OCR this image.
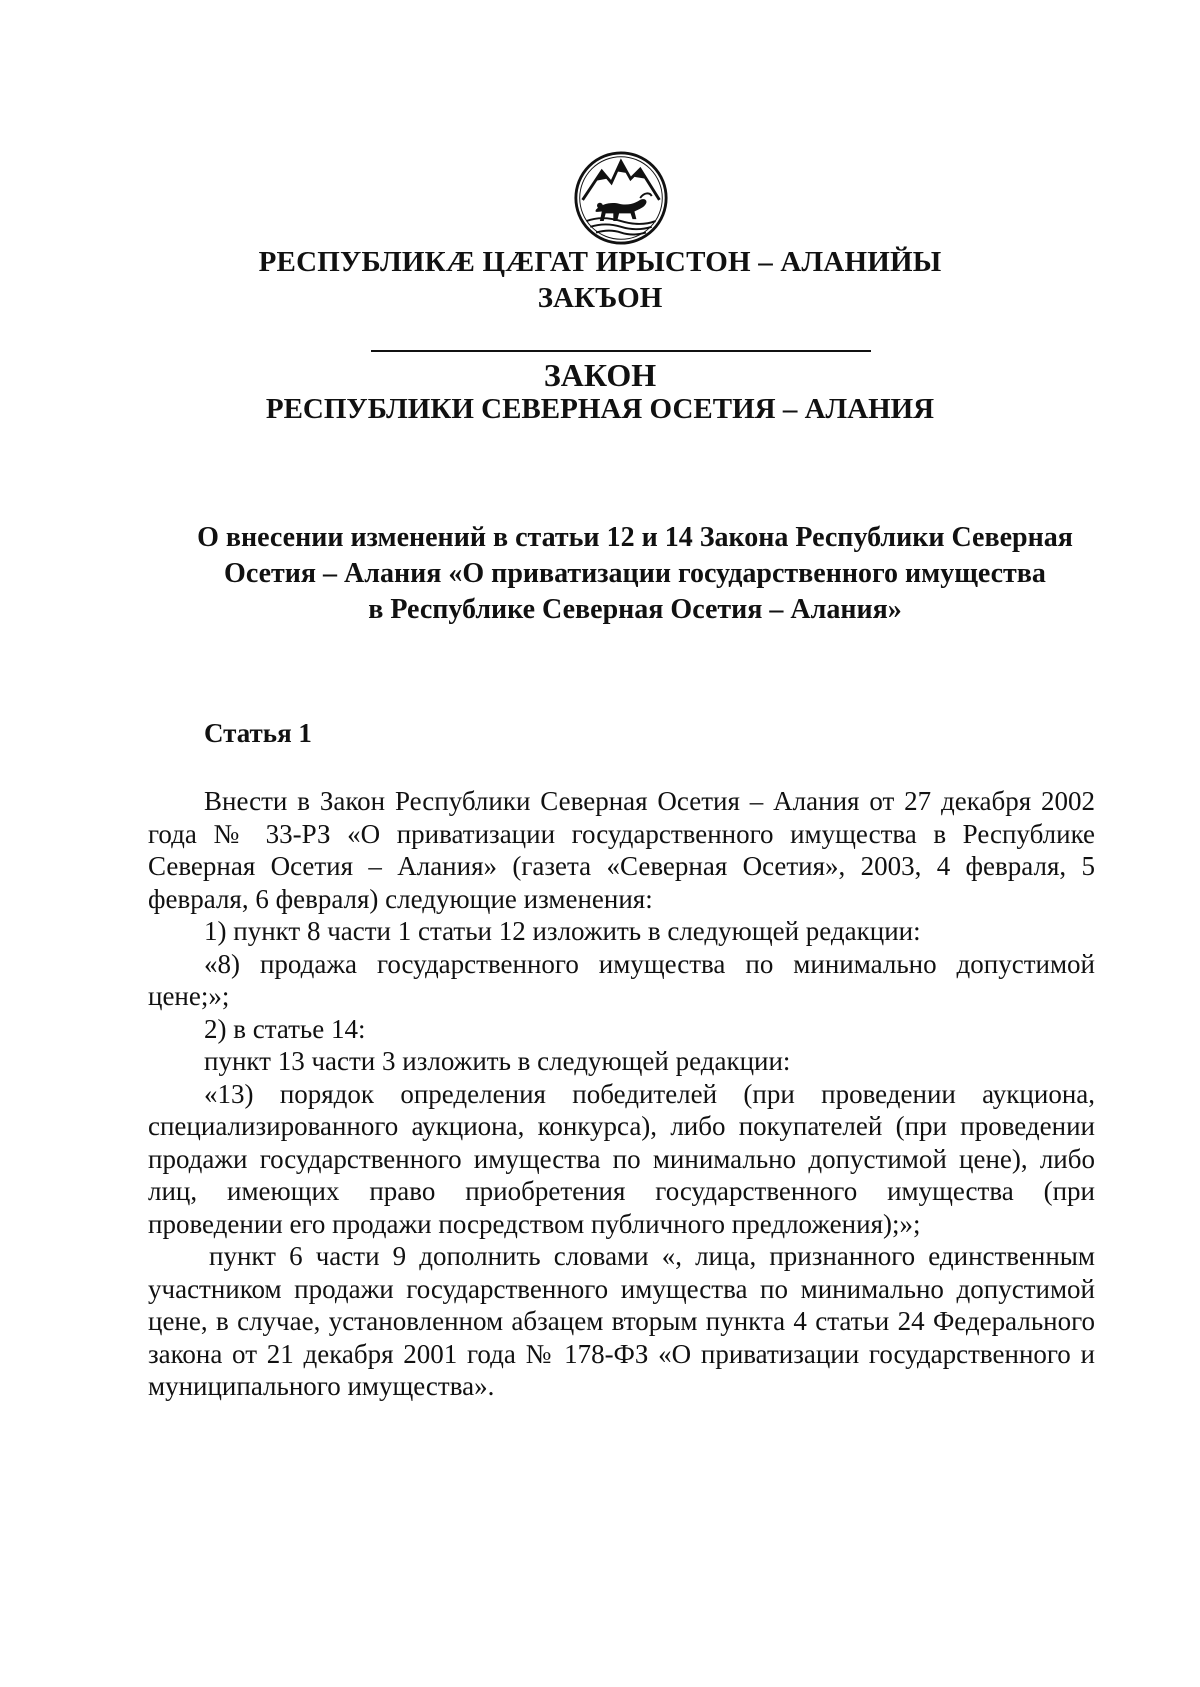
РЕСПУБЛИКӔ ЦӔГАТ ИРЫСТОН – АЛАНИЙЫ
ЗАКЪОН
ЗАКОН
РЕСПУБЛИКИ СЕВЕРНАЯ ОСЕТИЯ – АЛАНИЯ
О внесении изменений в статьи 12 и 14 Закона Республики Северная
Осетия – Алания «О приватизации государственного имущества
в Республике Северная Осетия – Алания»
Статья 1

Внести в Закон Республики Северная Осетия – Алания от 27 декабря 2002 года № 33-РЗ «О приватизации государственного имущества в Республике Северная Осетия – Алания» (газета «Северная Осетия», 2003, 4 февраля, 5 февраля, 6 февраля) следующие изменения:

1) пункт 8 части 1 статьи 12 изложить в следующей редакции:

«8) продажа государственного имущества по минимально допустимой цене;»;

2) в статье 14:

пункт 13 части 3 изложить в следующей редакции:

«13) порядок определения победителей (при проведении аукциона, специализированного аукциона, конкурса), либо покупателей (при проведении продажи государственного имущества по минимально допустимой цене), либо лиц, имеющих право приобретения государственного имущества (при проведении его продажи посредством публичного предложения);»;

пункт 6 части 9 дополнить словами «, лица, признанного единственным участником продажи государственного имущества по минимально допустимой цене, в случае, установленном абзацем вторым пункта 4 статьи 24 Федерального закона от 21 декабря 2001 года № 178-ФЗ «О приватизации государственного и муниципального имущества».
